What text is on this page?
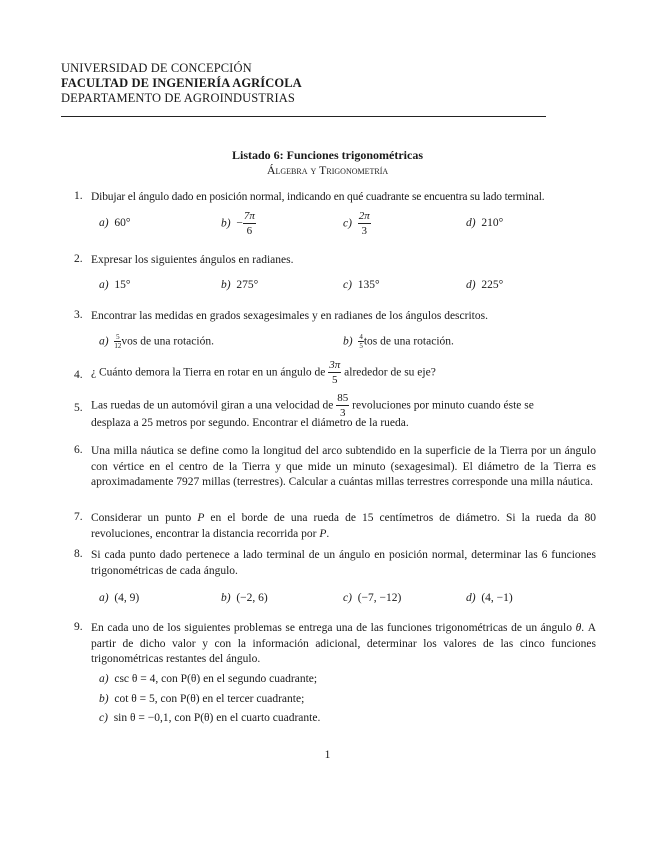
UNIVERSIDAD DE CONCEPCIÓN
FACULTAD DE INGENIERÍA AGRÍCOLA
DEPARTAMENTO DE AGROINDUSTRIAS
Listado 6: Funciones trigonométricas
Álgebra y Trigonometría
1. Dibujar el ángulo dado en posición normal, indicando en qué cuadrante se encuentra su lado terminal.
a) 60°	$b) - \frac{7\pi}{6}$	$c) \frac{2\pi}{3}$	d) 210°
2. Expresar los siguientes ángulos en radianes.
a) 15°	b) 275°	c) 135°	d) 225°
3. Encontrar las medidas en grados sexagesimales y en radianes de los ángulos descritos.
$a) \frac{5}{12}$ vos de una rotación.	$b) \frac{4}{5}$ tos de una rotación.
4. ¿ Cuánto demora la Tierra en rotar en un ángulo de $\frac{3\pi}{5}$ alrededor de su eje?
5. Las ruedas de un automóvil giran a una velocidad de $\frac{85}{3}$ revoluciones por minuto cuando éste se
desplaza a 25 metros por segundo. Encontrar el diámetro de la rueda.
6. Una milla náutica se define como la longitud del arco subtendido en la superficie de la Tierra por un ángulo con vértice en el centro de la Tierra y que mide un minuto (sexagesimal). El diámetro de la Tierra es aproximadamente 7927 millas (terrestres). Calcular a cuántas millas terrestres corresponde una milla náutica.
7. Considerar un punto P en el borde de una rueda de 15 centímetros de diámetro. Si la rueda da 80 revoluciones, encontrar la distancia recorrida por P.
8. Si cada punto dado pertenece a lado terminal de un ángulo en posición normal, determinar las 6 funciones trigonométricas de cada ángulo.
a) (4, 9)	b) (−2, 6)	c) (−7, −12)	d) (4, −1)
9. En cada uno de los siguientes problemas se entrega una de las funciones trigonométricas de un ángulo θ. A partir de dicho valor y con la información adicional, determinar los valores de las cinco funciones trigonométricas restantes del ángulo.
a) csc θ = 4, con P(θ) en el segundo cuadrante;
b) cot θ = 5, con P(θ) en el tercer cuadrante;
c) sin θ = −0,1, con P(θ) en el cuarto cuadrante.
1
